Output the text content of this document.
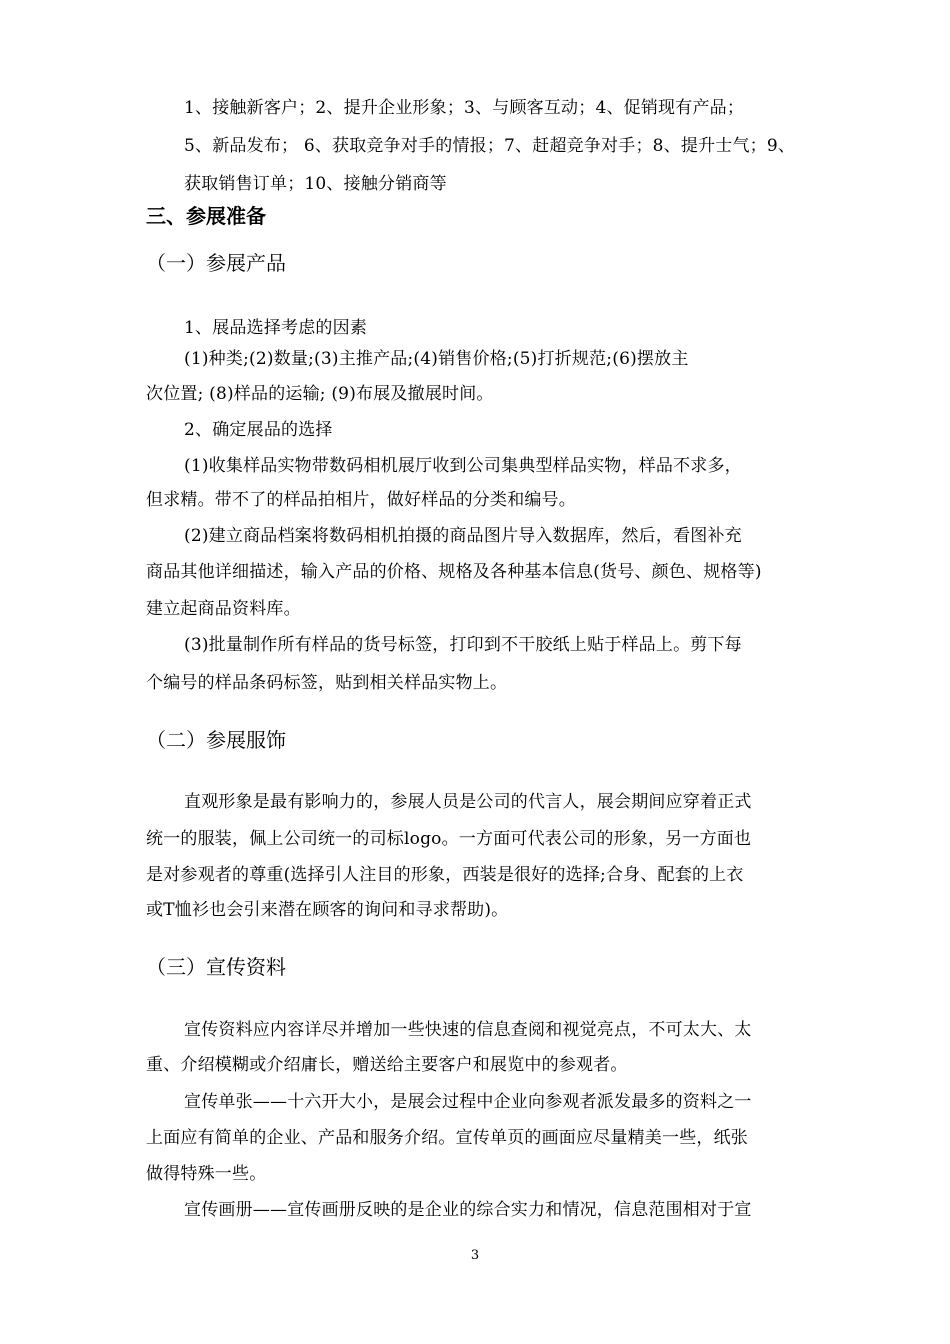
1、接触新客户；2、提升企业形象；3、与顾客互动；4、促销现有产品；
5、新品发布； 6、获取竞争对手的情报；7、赶超竞争对手；8、提升士气；9、
获取销售订单；10、接触分销商等
三、参展准备
（一）参展产品
1、展品选择考虑的因素
(1)种类;(2)数量;(3)主推产品;(4)销售价格;(5)打折规范;(6)摆放主
次位置; (8)样品的运输; (9)布展及撤展时间。
2、确定展品的选择
(1)收集样品实物带数码相机展厅收到公司集典型样品实物，样品不求多，
但求精。带不了的样品拍相片，做好样品的分类和编号。
(2)建立商品档案将数码相机拍摄的商品图片导入数据库，然后，看图补充
商品其他详细描述，输入产品的价格、规格及各种基本信息(货号、颜色、规格等)
建立起商品资料库。
(3)批量制作所有样品的货号标签，打印到不干胶纸上贴于样品上。剪下每
个编号的样品条码标签，贴到相关样品实物上。
（二）参展服饰
直观形象是最有影响力的，参展人员是公司的代言人，展会期间应穿着正式
统一的服装，佩上公司统一的司标logo。一方面可代表公司的形象，另一方面也
是对参观者的尊重(选择引人注目的形象，西装是很好的选择;合身、配套的上衣
或T恤衫也会引来潜在顾客的询问和寻求帮助)。
（三）宣传资料
宣传资料应内容详尽并增加一些快速的信息查阅和视觉亮点，不可太大、太
重、介绍模糊或介绍庸长，赠送给主要客户和展览中的参观者。
宣传单张——十六开大小，是展会过程中企业向参观者派发最多的资料之一
上面应有简单的企业、产品和服务介绍。宣传单页的画面应尽量精美一些，纸张
做得特殊一些。
宣传画册——宣传画册反映的是企业的综合实力和情况，信息范围相对于宣
3
